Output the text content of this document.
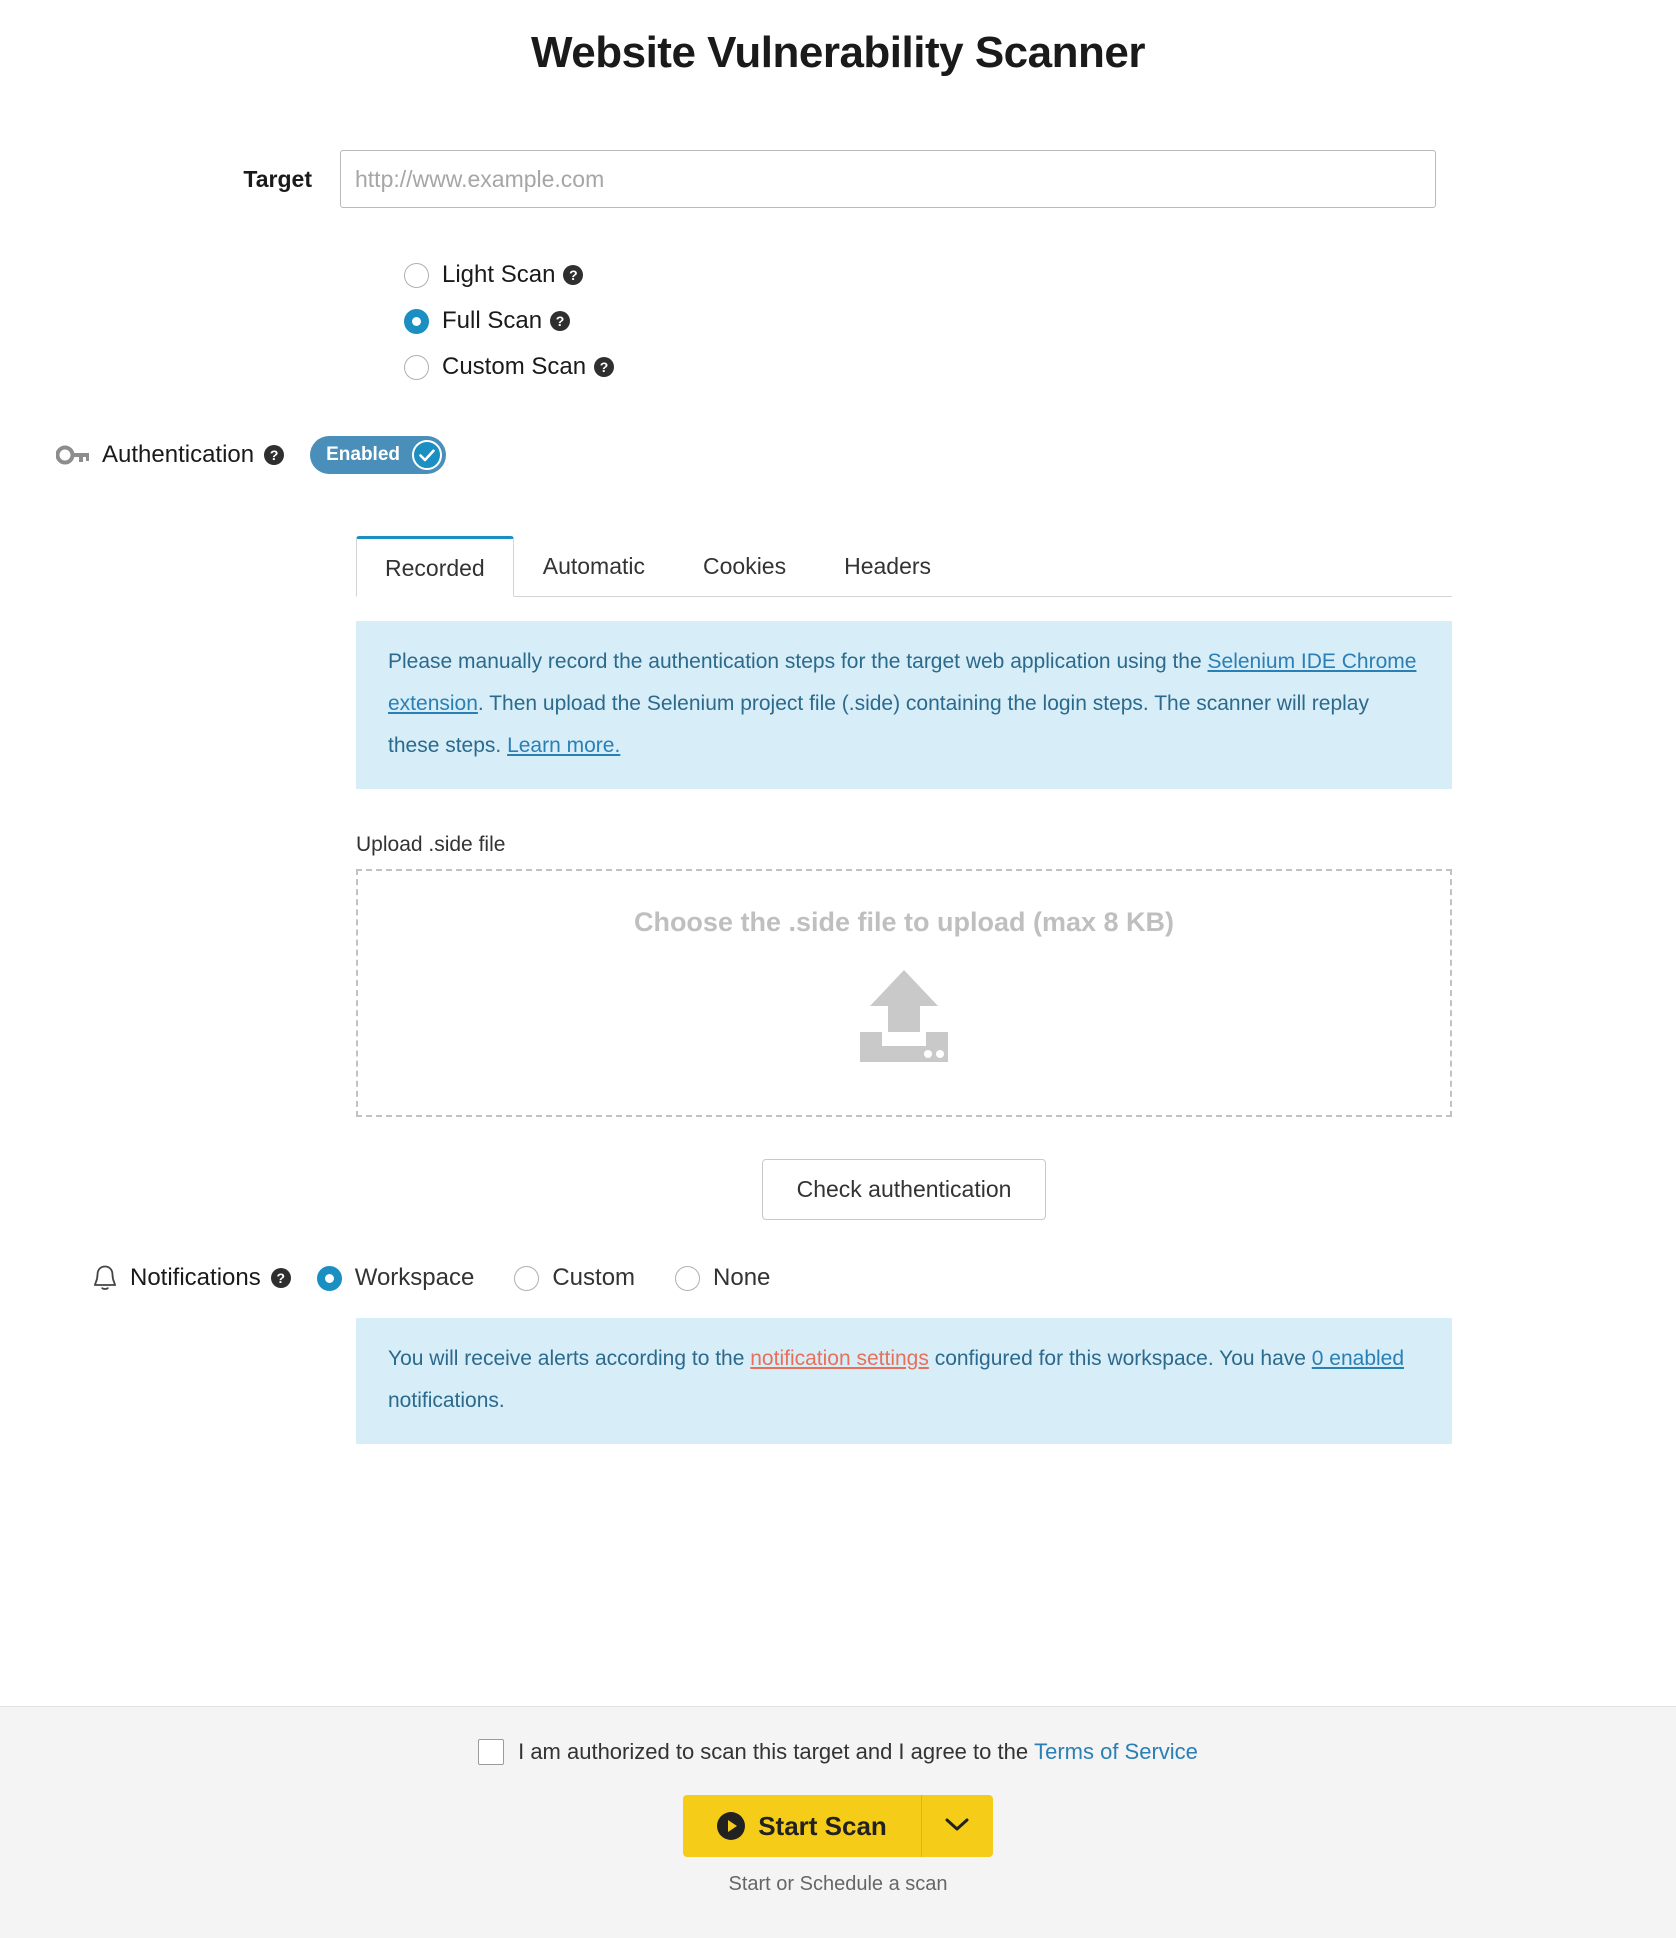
Website Vulnerability Scanner
Target
http://www.example.com
Light Scan ?
Full Scan ?
Custom Scan ?
Authentication	?	Enabled
Recorded	Automatic	Cookies	Headers
Please manually record the authentication steps for the target web application using the Selenium IDE Chrome extension. Then upload the Selenium project file (.side) containing the login steps. The scanner will replay these steps. Learn more.
Upload .side file
Choose the .side file to upload (max 8 KB)
Check authentication
Notifications	?	Workspace	Custom	None
You will receive alerts according to the notification settings configured for this workspace. You have 0 enabled notifications.
I am authorized to scan this target and I agree to the Terms of Service
Start Scan
Start or Schedule a scan
